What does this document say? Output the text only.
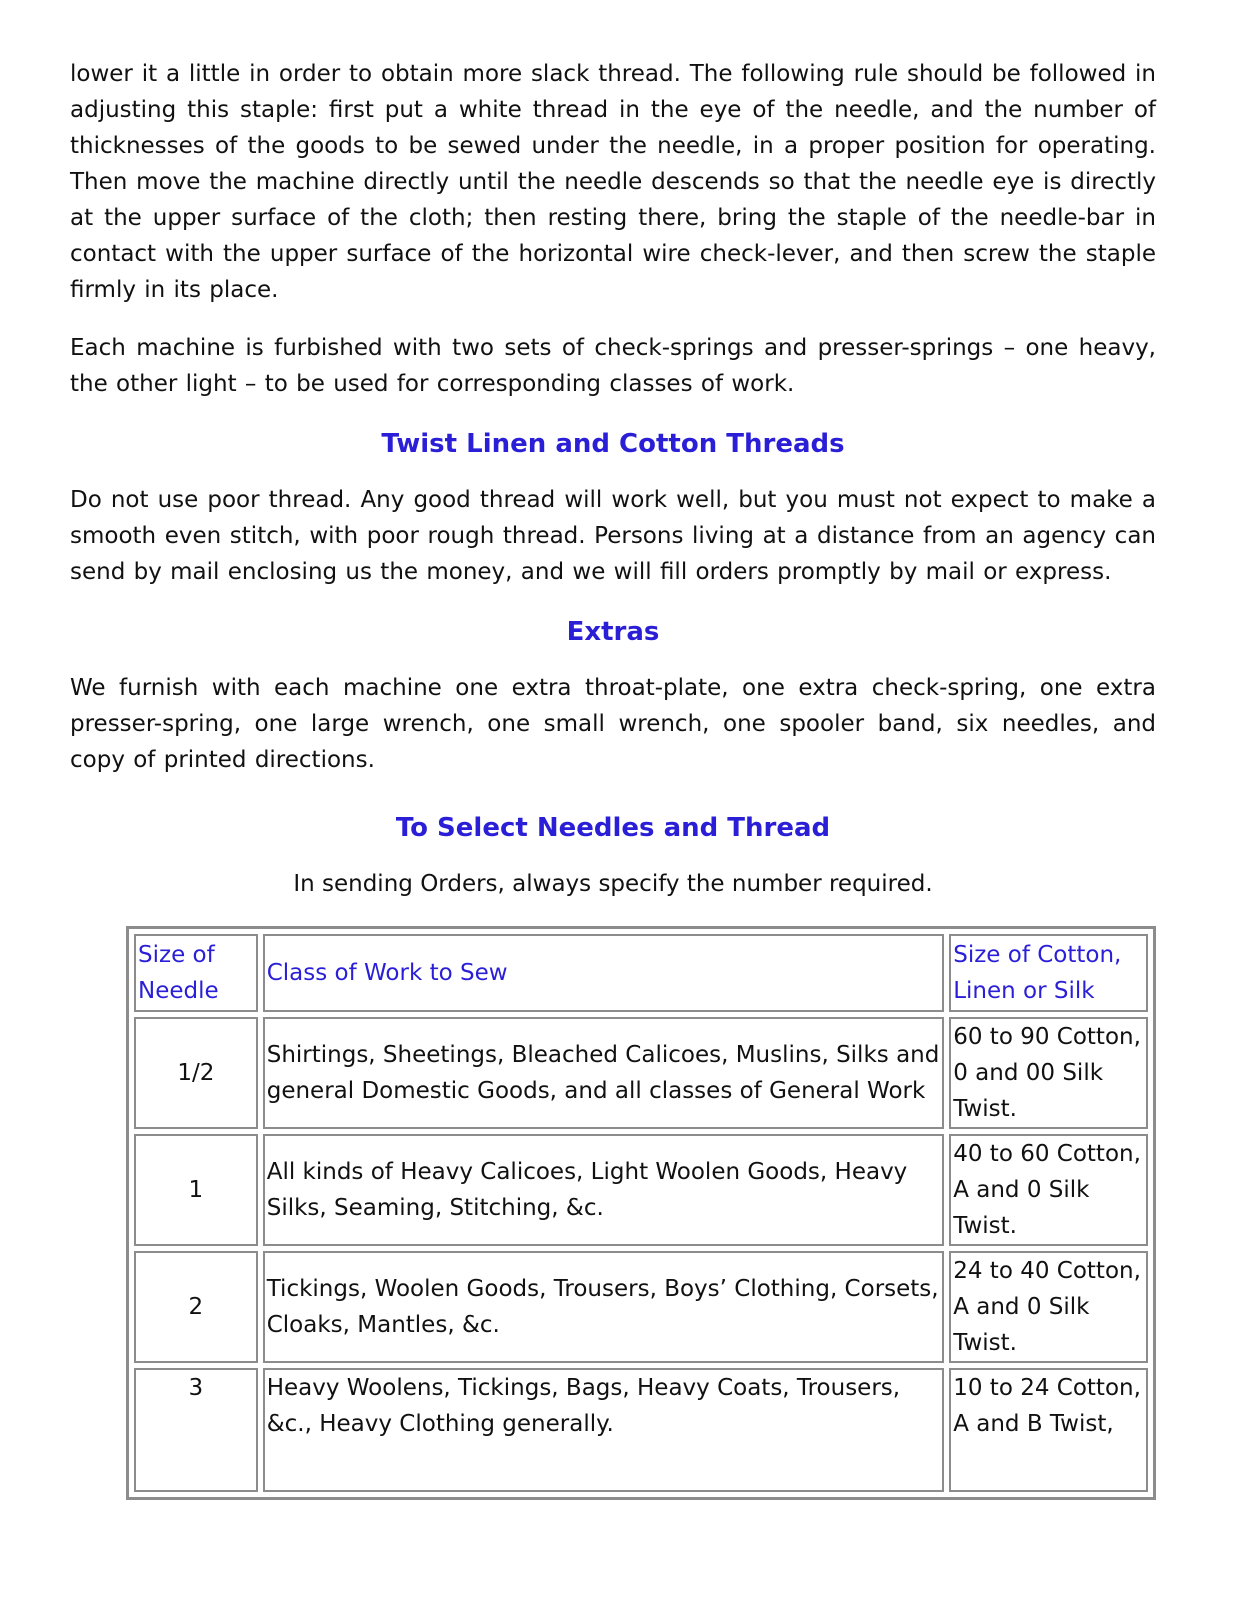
lower it a little in order to obtain more slack thread. The following rule should be followed in adjusting this staple: first put a white thread in the eye of the needle, and the number of thicknesses of the goods to be sewed under the needle, in a proper position for operating. Then move the machine directly until the needle descends so that the needle eye is directly at the upper surface of the cloth; then resting there, bring the staple of the needle-bar in contact with the upper surface of the horizontal wire check-lever, and then screw the staple firmly in its place.

Each machine is furbished with two sets of check-springs and presser-springs – one heavy, the other light – to be used for corresponding classes of work.

Twist Linen and Cotton Threads

Do not use poor thread. Any good thread will work well, but you must not expect to make a smooth even stitch, with poor rough thread. Persons living at a distance from an agency can send by mail enclosing us the money, and we will fill orders promptly by mail or express.

Extras

We furnish with each machine one extra throat-plate, one extra check-spring, one extra presser-spring, one large wrench, one small wrench, one spooler band, six needles, and copy of printed directions.

To Select Needles and Thread
In sending Orders, always specify the number required.
Size of Needle	Class of Work to Sew	Size of Cotton, Linen or Silk
1/2	Shirtings, Sheetings, Bleached Calicoes, Muslins, Silks and general Domestic Goods, and all classes of General Work	60 to 90 Cotton, 0 and 00 Silk Twist.
1	All kinds of Heavy Calicoes, Light Woolen Goods, Heavy Silks, Seaming, Stitching, &c.	40 to 60 Cotton, A and 0 Silk Twist.
2	Tickings, Woolen Goods, Trousers, Boys’ Clothing, Corsets, Cloaks, Mantles, &c.	24 to 40 Cotton, A and 0 Silk Twist.
3	Heavy Woolens, Tickings, Bags, Heavy Coats, Trousers, &c., Heavy Clothing generally.	10 to 24 Cotton, A and B Twist,
